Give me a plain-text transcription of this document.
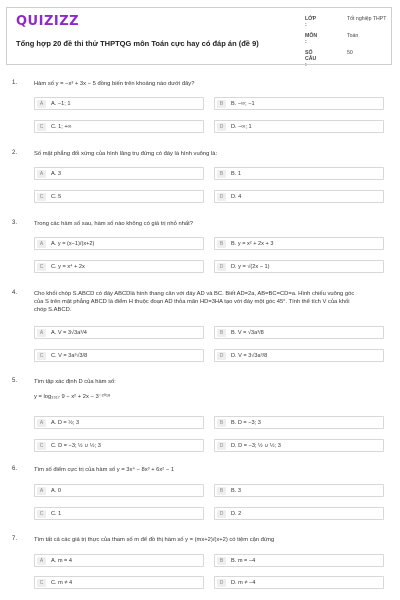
QUIZIZZ
Tổng hợp 20 đề thi thử THPTQG môn Toán cực hay có đáp án (đề 9)
LỚP :
Tốt nghiệp THPT
MÔN :
Toán
SỐ CÂU :
50
1.	Hàm số y = −x³ + 3x − 5 đồng biến trên khoảng nào dưới đây?
A	A. −1; 1	B	B. −∞; −1
C	C. 1; +∞	D	D. −∞; 1
2.	Số mặt phẳng đối xứng của hình lăng trụ đứng có đáy là hình vuông là:
A	A. 3	B	B. 1
C	C. 5	D	D. 4
3.	Trong các hàm số sau, hàm số nào không có giá trị nhỏ nhất?
A	A. y = (x−1)/(x+2)	B	B. y = x² + 2x + 3
C	C. y = x⁴ + 2x	D	D. y = √(2x − 1)
4.	Cho khối chóp S.ABCD có đáy ABCDlà hình thang cân với đáy AD và BC. Biết AD=2a, AB=BC=CD=a. Hình chiếu vuông góc của S trên mặt phẳng ABCD là điểm H thuộc đoạn AD thỏa mãn HD=3HA tạo với đáy một góc 45°. Tính thể tích V của khối chóp S.ABCD.
A	A. V = 3√3a³/4	B	B. V = √3a³/8
C	C. V = 3a³√3/8	D	D. V = 3√3a³/8
5.	Tìm tập xác định D của hàm số:
y = log₂₀₁₇ 9 − x² + 2x − 3⁻²⁰¹⁸
A	A. D = ½; 3	B	B. D = −3; 3
C	C. D = −3; ½ ∪ ½; 3	D	D. D = −3; ½ ∪ ½; 3
6.	Tìm số điểm cực trị của hàm số y = 3x⁴ − 8x³ + 6x² − 1
A	A. 0	B	B. 3
C	C. 1	D	D. 2
7.	Tìm tất cả các giá trị thực của tham số m để đồ thị hàm số y = (mx+2)/(x+2) có tiệm cận đứng
A	A. m = 4	B	B. m = −4
C	C. m ≠ 4	D	D. m ≠ −4
